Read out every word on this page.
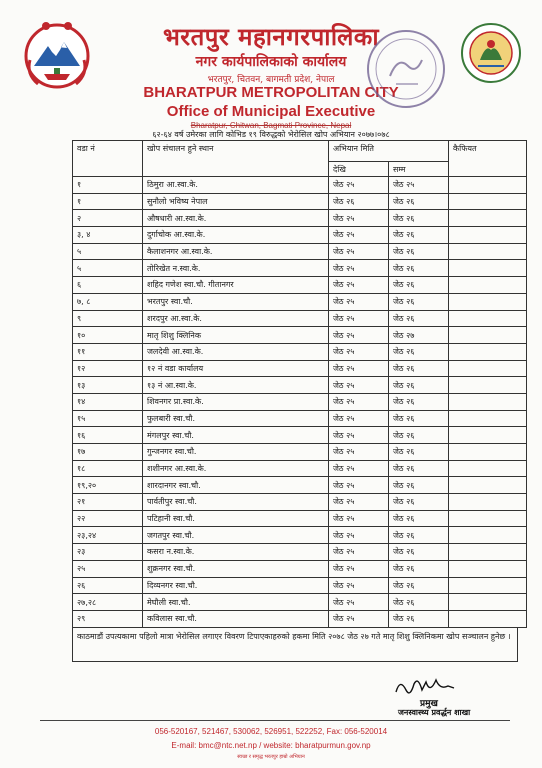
भरतपुर महानगरपालिका
नगर कार्यपालिकाको कार्यालय
भरतपुर, चितवन, बागमती प्रदेश, नेपाल
BHARATPUR METROPOLITAN CITY
Office of Municipal Executive
Bharatpur, Chitwan, Bagmati Province, Nepal
६२-६४ वर्ष उमेरका लागि कोभिड १९ विरुद्धको भेरोसिल खोप अभियान २०७७।०७८
वडा नं	खोप संचालन हुने स्थान	अभियान मिति		कैफियत
		देखि	सम्म	
१	ठिमुरा आ.स्वा.के.	जेठ २५	जेठ २५	
१	सुनौलो भविष्य नेपाल	जेठ २६	जेठ २६	
२	औषधारी आ.स्वा.के.	जेठ २५	जेठ २६	
३, ४	दुर्गाचोक आ.स्वा.के.	जेठ २५	जेठ २६	
५	कैलाशनगर आ.स्वा.के.	जेठ २५	जेठ २६	
५	तोरिखेत न.स्वा.के.	जेठ २५	जेठ २६	
६	शहिद गणेश स्वा.चौ. गीतानगर	जेठ २५	जेठ २६	
७, ८	भरतपुर स्वा.चौ.	जेठ २५	जेठ २६	
९	शरदपुर आ.स्वा.के.	जेठ २५	जेठ २६	
१०	मातृ शिशु क्लिनिक	जेठ २५	जेठ २७	
११	जलदेवी आ.स्वा.के.	जेठ २५	जेठ २६	
१२	१२ नं वडा कार्यालय	जेठ २५	जेठ २६	
१३	१३ नं आ.स्वा.के.	जेठ २५	जेठ २६	
१४	शिवनगर प्रा.स्वा.के.	जेठ २५	जेठ २६	
१५	फुलबारी स्वा.चौ.	जेठ २५	जेठ २६	
१६	मंगलपुर स्वा.चौ.	जेठ २५	जेठ २६	
१७	गुन्जनगर स्वा.चौ.	जेठ २५	जेठ २६	
१८	शशीनगर आ.स्वा.के.	जेठ २५	जेठ २६	
१९,२०	शारदानगर स्वा.चौ.	जेठ २५	जेठ २६	
२१	पार्वतीपुर स्वा.चौ.	जेठ २५	जेठ २६	
२२	पटिहानी स्वा.चौ.	जेठ २५	जेठ २६	
२३,२४	जगतपुर स्वा.चौ.	जेठ २५	जेठ २६	
२३	कसरा न.स्वा.के.	जेठ २५	जेठ २६	
२५	शुक्रनगर स्वा.चौ.	जेठ २५	जेठ २६	
२६	दिव्यनगर स्वा.चौ.	जेठ २५	जेठ २६	
२७,२८	मेघौली स्वा.चौ.	जेठ २५	जेठ २६	
२९	कविलास स्वा.चौ.	जेठ २५	जेठ २६	
काठमाडौं उपत्यकामा पहिलो मात्रा भेरोसिल लगाएर विवरण टिपाएकाहरुको हकमा मिति २०७८ जेठ २७ गते मातृ शिशु क्लिनिकमा खोप सञ्चालन हुनेछ ।
प्रमुख
जनस्वास्थ्य प्रवर्द्धन शाखा
056-520167, 521467, 530062, 526951, 522252, Fax: 056-520014
E-mail: bmc@ntc.net.np / website: bharatpurmun.gov.np
स्वच्छ र समृद्ध भरतपुर हाम्रो अभियान
